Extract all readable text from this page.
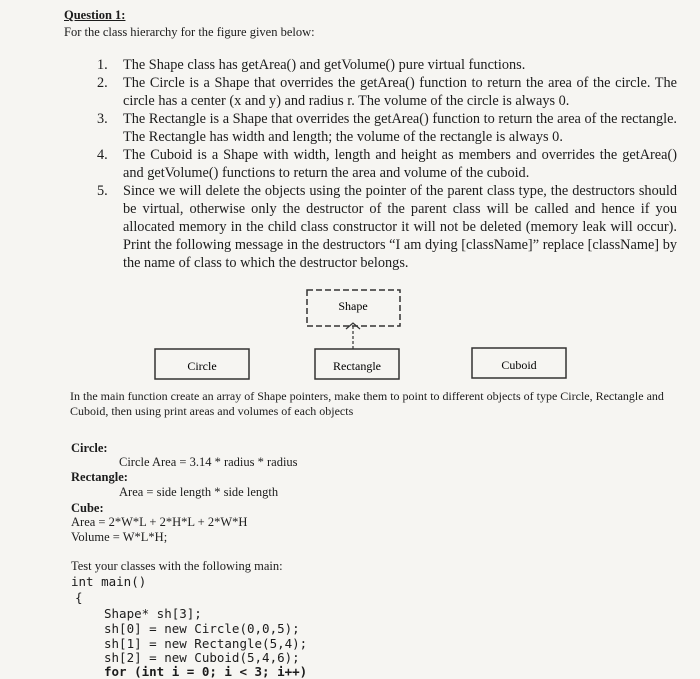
Question 1:
For the class hierarchy for the figure given below:
1. The Shape class has getArea() and getVolume() pure virtual functions.
2. The Circle is a Shape that overrides the getArea() function to return the area of the circle. The circle has a center (x and y) and radius r. The volume of the circle is always 0.
3. The Rectangle is a Shape that overrides the getArea() function to return the area of the rectangle. The Rectangle has width and length; the volume of the rectangle is always 0.
4. The Cuboid is a Shape with width, length and height as members and overrides the getArea() and getVolume() functions to return the area and volume of the cuboid.
5. Since we will delete the objects using the pointer of the parent class type, the destructors should be virtual, otherwise only the destructor of the parent class will be called and hence if you allocated memory in the child class constructor it will not be deleted (memory leak will occur). Print the following message in the destructors “I am dying [className]” replace [className] by the name of class to which the destructor belongs.
Shape
Circle	Rectangle	Cuboid
In the main function create an array of Shape pointers, make them to point to different objects of type Circle, Rectangle and Cuboid, then using print areas and volumes of each objects
Circle:
Circle Area = 3.14 * radius * radius
Rectangle:
Area = side length * side length
Cube:
Area = 2*W*L + 2*H*L + 2*W*H
Volume = W*L*H;
Test your classes with the following main:
int main()
{
Shape* sh[3];
sh[0] = new Circle(0,0,5);
sh[1] = new Rectangle(5,4);
sh[2] = new Cuboid(5,4,6);
for (int i = 0; i < 3; i++)
